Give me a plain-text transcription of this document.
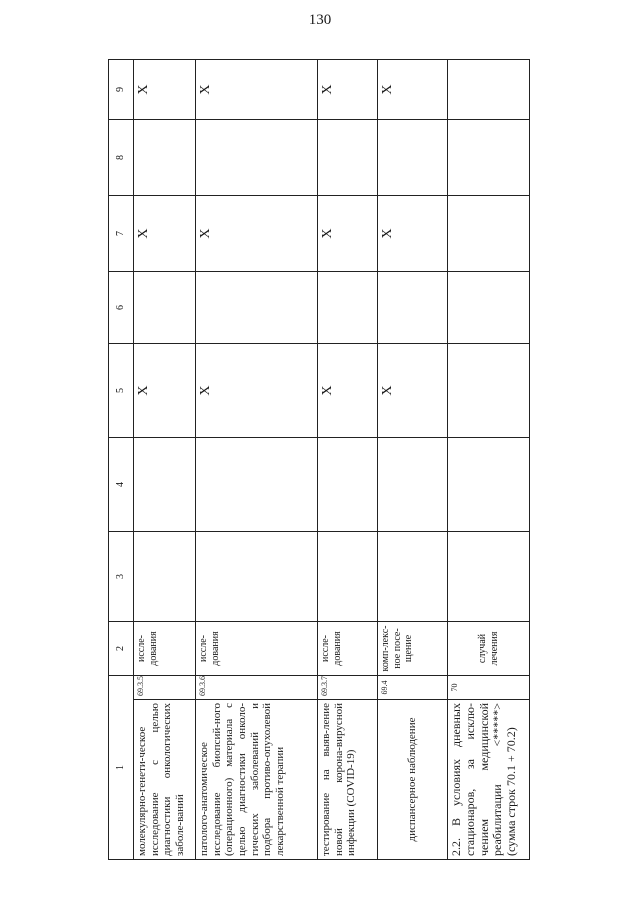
130
1		2	3	4	5	6	7	8	9
молекулярно-генети-ческое исследование с целью диагностики онкологических заболе-ваний	69.3.5	иссле-дования			X		X		X
патолого-анатомическое исследование биопсий-ного (операционного) материала с целью диагностики онколо-гических заболеваний и подбора противо-опухолевой лекарственной терапии	69.3.6	иссле-дования			X		X		X
тестирование на выяв-ление новой корона-вирусной инфекции (COVID-19)	69.3.7	иссле-дования			X		X		X
диспансерное наблюдение	69.4	комп-лекс-ное посе-щение			X		X		X
2.2. В условиях дневных стационаров, за исклю-чением медицинской реабилитации <*****> (сумма строк 70.1 + 70.2)	70	случай лечения							
